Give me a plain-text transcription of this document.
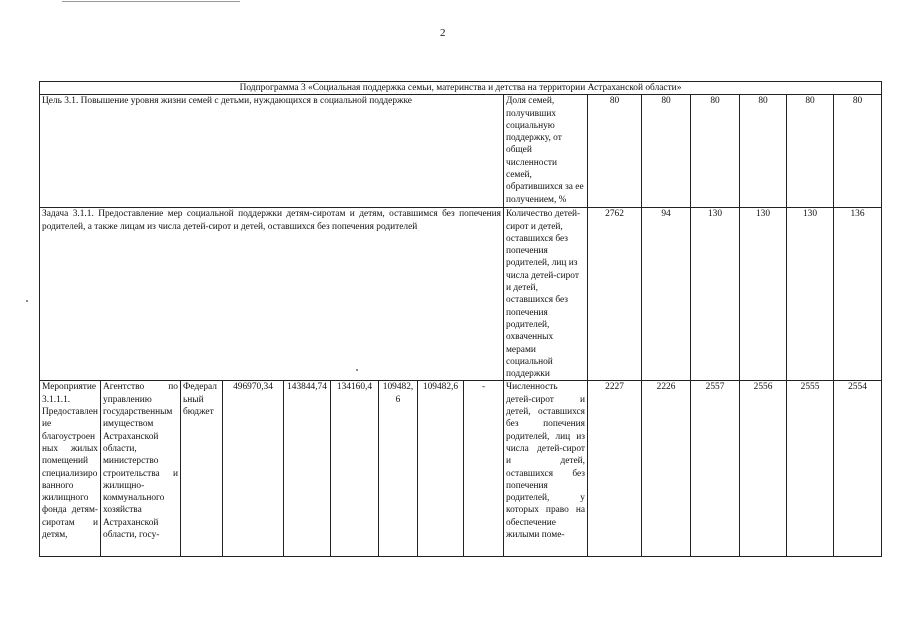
2
Подпрограмма 3 «Социальная поддержка семьи, материнства и детства на территории Астраханской области»															
Цель 3.1. Повышение уровня жизни семей с детьми, нуждающихся в социальной поддержке									Доля семей, получивших социальную поддержку, от общей численности семей, обратившихся за ее получением, %	80	80	80	80	80	80
Задача 3.1.1. Предоставление мер социальной поддержки детям-сиротам и детям, оставшимся без попечения родителей, а также лицам из числа детей-сирот и детей, оставшихся без попечения родителей									Количество детей-сирот и детей, оставшихся без попечения родителей, лиц из числа детей-сирот и детей, оставшихся без попечения родителей, охваченных мерами социальной поддержки	2762	94	130	130	130	136
Мероприятие 3.1.1.1. Предоставление благоустроенных жилых помещений специализированного жилищного фонда детям-сиротам и детям,	Агентство по управлению государственным имуществом Астраханской области, министерство строительства и жилищно-коммунального хозяйства Астраханской области, госу-	Федеральный бюджет	496970,34	143844,74	134160,4	109482,6	109482,6	-	Численность детей-сирот и детей, оставшихся без попечения родителей, лиц из числа детей-сирот и детей, оставшихся без попечения родителей, у которых право на обеспечение жилыми поме-	2227	2226	2557	2556	2555	2554
